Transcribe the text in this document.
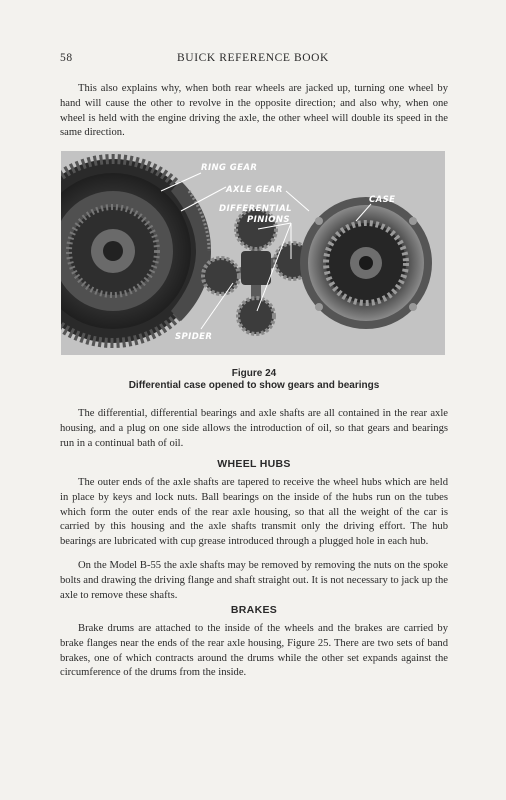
58	BUICK REFERENCE BOOK

This also explains why, when both rear wheels are jacked up, turning one wheel by hand will cause the other to revolve in the opposite direction; and also why, when one wheel is held with the engine driving the axle, the other wheel will double its speed in the same direction.

RING GEAR
AXLE GEAR
DIFFERENTIAL
PINIONS
CASE
SPIDER
Figure 24
Differential case opened to show gears and bearings

The differential, differential bearings and axle shafts are all contained in the rear axle housing, and a plug on one side allows the introduction of oil, so that gears and bearings run in a continual bath of oil.

WHEEL HUBS

The outer ends of the axle shafts are tapered to receive the wheel hubs which are held in place by keys and lock nuts. Ball bearings on the inside of the hubs run on the tubes which form the outer ends of the rear axle housing, so that all the weight of the car is carried by this housing and the axle shafts transmit only the driving effort. The hub bearings are lubricated with cup grease introduced through a plugged hole in each hub.

On the Model B-55 the axle shafts may be removed by removing the nuts on the spoke bolts and drawing the driving flange and shaft straight out. It is not necessary to jack up the axle to remove these shafts.

BRAKES

Brake drums are attached to the inside of the wheels and the brakes are carried by brake flanges near the ends of the rear axle housing, Figure 25. There are two sets of band brakes, one of which contracts around the drums while the other set expands against the circumference of the drums from the inside.
